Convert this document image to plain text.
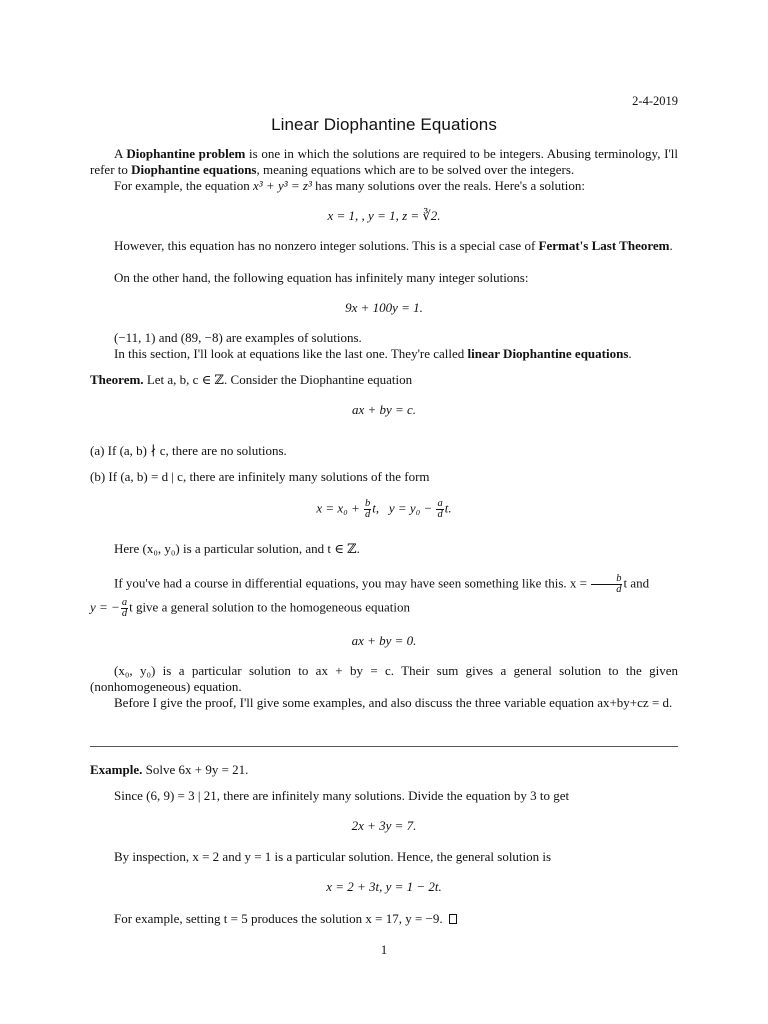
2-4-2019
Linear Diophantine Equations

A Diophantine problem is one in which the solutions are required to be integers. Abusing terminology, I'll refer to Diophantine equations, meaning equations which are to be solved over the integers.

For example, the equation x³ + y³ = z³ has many solutions over the reals. Here's a solution:

x = 1, , y = 1, z = ∛2.

However, this equation has no nonzero integer solutions. This is a special case of Fermat's Last Theorem.

On the other hand, the following equation has infinitely many integer solutions:

9x + 100y = 1.

(−11, 1) and (89, −8) are examples of solutions.

In this section, I'll look at equations like the last one. They're called linear Diophantine equations.

Theorem. Let a, b, c ∈ ℤ. Consider the Diophantine equation

ax + by = c.

(a) If (a, b) ∤ c, there are no solutions.

(b) If (a, b) = d | c, there are infinitely many solutions of the form

$x = x_0 + \frac{b}{d} t$, $y = y_0 - \frac{a}{d} t$.

Here (x₀, y₀) is a particular solution, and t ∈ ℤ.

If you've had a course in differential equations, you may have seen something like this. $x = \frac{b}{d}$ t and

y = − $\frac{a}{d}$ t give a general solution to the homogeneous equation

ax + by = 0.

(x₀, y₀) is a particular solution to ax + by = c. Their sum gives a general solution to the given (nonhomogeneous) equation.

Before I give the proof, I'll give some examples, and also discuss the three variable equation ax+by+cz = d.

Example. Solve 6x + 9y = 21.

Since (6, 9) = 3 | 21, there are infinitely many solutions. Divide the equation by 3 to get

2x + 3y = 7.

By inspection, x = 2 and y = 1 is a particular solution. Hence, the general solution is

x = 2 + 3t, y = 1 − 2t.

For example, setting t = 5 produces the solution x = 17, y = −9.

1
